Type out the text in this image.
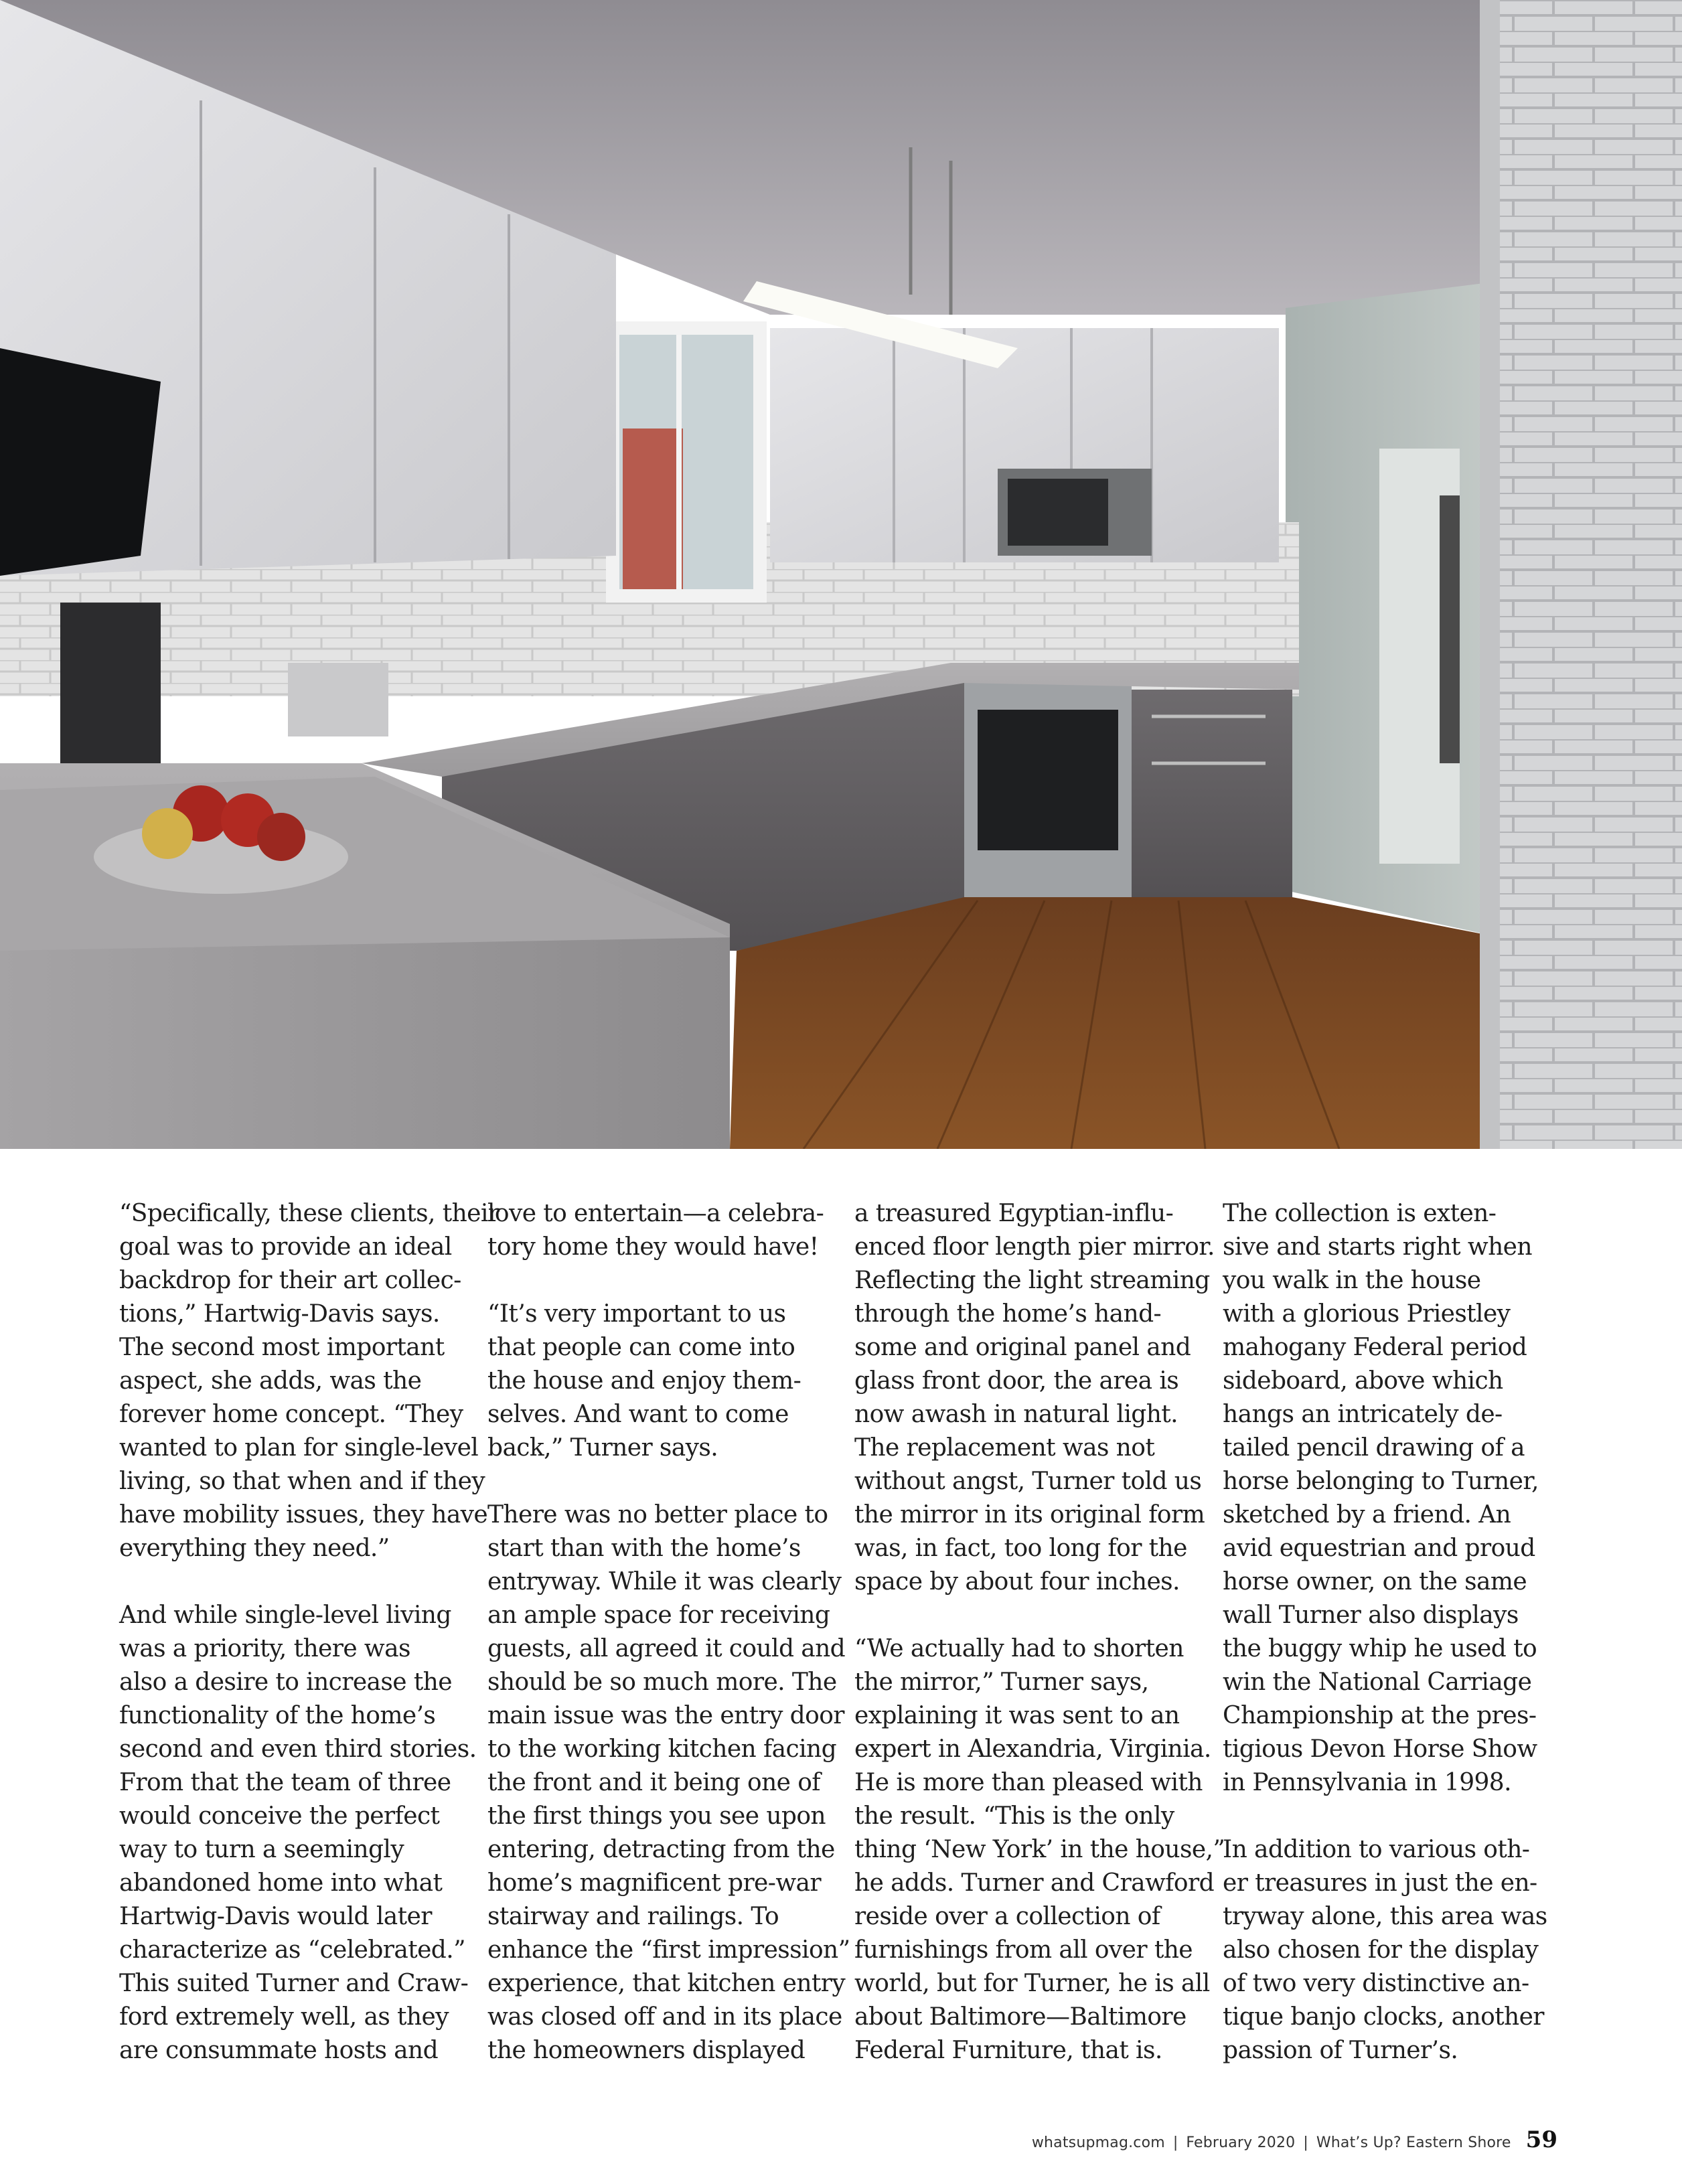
“Specifically, these clients, their
goal was to provide an ideal
backdrop for their art collec-
tions,” Hartwig-Davis says.
The second most important
aspect, she adds, was the
forever home concept. “They
wanted to plan for single-level
living, so that when and if they
have mobility issues, they have
everything they need.”

And while single-level living
was a priority, there was
also a desire to increase the
functionality of the home’s
second and even third stories.
From that the team of three
would conceive the perfect
way to turn a seemingly
abandoned home into what
Hartwig-Davis would later
characterize as “celebrated.”
This suited Turner and Craw-
ford extremely well, as they
are consummate hosts and

love to entertain—a celebra-
tory home they would have!

“It’s very important to us
that people can come into
the house and enjoy them-
selves. And want to come
back,” Turner says.

There was no better place to
start than with the home’s
entryway. While it was clearly
an ample space for receiving
guests, all agreed it could and
should be so much more. The
main issue was the entry door
to the working kitchen facing
the front and it being one of
the first things you see upon
entering, detracting from the
home’s magnificent pre-war
stairway and railings. To
enhance the “first impression”
experience, that kitchen entry
was closed off and in its place
the homeowners displayed

a treasured Egyptian-influ-
enced floor length pier mirror.
Reflecting the light streaming
through the home’s hand-
some and original panel and
glass front door, the area is
now awash in natural light.
The replacement was not
without angst, Turner told us
the mirror in its original form
was, in fact, too long for the
space by about four inches.

“We actually had to shorten
the mirror,” Turner says,
explaining it was sent to an
expert in Alexandria, Virginia.
He is more than pleased with
the result. “This is the only
thing ‘New York’ in the house,”
he adds. Turner and Crawford
reside over a collection of
furnishings from all over the
world, but for Turner, he is all
about Baltimore—Baltimore
Federal Furniture, that is.

The collection is exten-
sive and starts right when
you walk in the house
with a glorious Priestley
mahogany Federal period
sideboard, above which
hangs an intricately de-
tailed pencil drawing of a
horse belonging to Turner,
sketched by a friend. An
avid equestrian and proud
horse owner, on the same
wall Turner also displays
the buggy whip he used to
win the National Carriage
Championship at the pres-
tigious Devon Horse Show
in Pennsylvania in 1998.

In addition to various oth-
er treasures in just the en-
tryway alone, this area was
also chosen for the display
of two very distinctive an-
tique banjo clocks, another
passion of Turner’s.

whatsupmag.com | February 2020 | What’s Up? Eastern Shore 59
